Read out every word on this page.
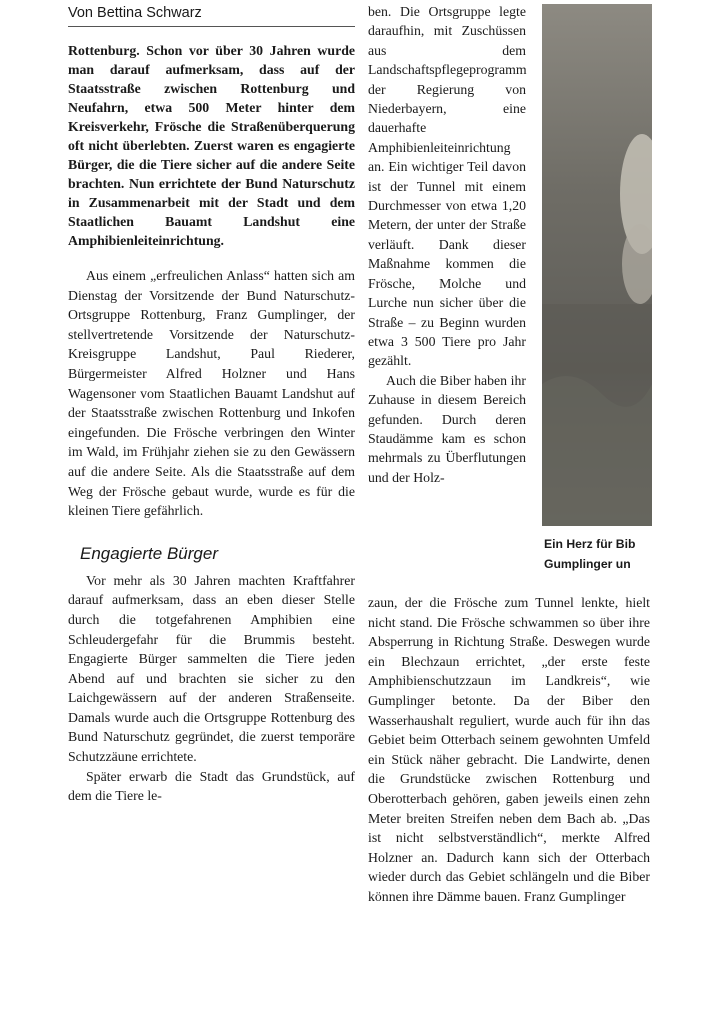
Von Bettina Schwarz

Rottenburg. Schon vor über 30 Jahren wurde man darauf aufmerksam, dass auf der Staatsstraße zwischen Rottenburg und Neufahrn, etwa 500 Meter hinter dem Kreisverkehr, Frösche die Straßenüberquerung oft nicht überlebten. Zuerst waren es engagierte Bürger, die die Tiere sicher auf die andere Seite brachten. Nun errichtete der Bund Naturschutz in Zusammenarbeit mit der Stadt und dem Staatlichen Bauamt Landshut eine Amphibienleiteinrichtung.

Aus einem „erfreulichen Anlass“ hatten sich am Dienstag der Vorsitzende der Bund Naturschutz-Ortsgruppe Rottenburg, Franz Gumplinger, der stellvertretende Vorsitzende der Naturschutz-Kreisgruppe Landshut, Paul Riederer, Bürgermeister Alfred Holzner und Hans Wagensoner vom Staatlichen Bauamt Landshut auf der Staatsstraße zwischen Rottenburg und Inkofen eingefunden. Die Frösche verbringen den Winter im Wald, im Frühjahr ziehen sie zu den Gewässern auf die andere Seite. Als die Staatsstraße auf dem Weg der Frösche gebaut wurde, wurde es für die kleinen Tiere gefährlich.

Engagierte Bürger

Vor mehr als 30 Jahren machten Kraftfahrer darauf aufmerksam, dass an eben dieser Stelle durch die totgefahrenen Amphibien eine Schleudergefahr für die Brummis besteht. Engagierte Bürger sammelten die Tiere jeden Abend auf und brachten sie sicher zu den Laichgewässern auf der anderen Straßenseite. Damals wurde auch die Ortsgruppe Rottenburg des Bund Naturschutz gegründet, die zuerst temporäre Schutzzäune errichtete.

Später erwarb die Stadt das Grundstück, auf dem die Tiere le-

ben. Die Ortsgruppe legte daraufhin, mit Zuschüssen aus dem Landschaftspflegeprogramm der Regierung von Niederbayern, eine dauerhafte Amphibienleiteinrichtung an. Ein wichtiger Teil davon ist der Tunnel mit einem Durchmesser von etwa 1,20 Metern, der unter der Straße verläuft. Dank dieser Maßnahme kommen die Frösche, Molche und Lurche nun sicher über die Straße – zu Beginn wurden etwa 3 500 Tiere pro Jahr gezählt.

Auch die Biber haben ihr Zuhause in diesem Bereich gefunden. Durch deren Staudämme kam es schon mehrmals zu Überflutungen und der Holz-

Ein Herz für Bib
Gumplinger un
zaun, der die Frösche zum Tunnel lenkte, hielt nicht stand. Die Frösche schwammen so über ihre Absperrung in Richtung Straße. Deswegen wurde ein Blechzaun errichtet, „der erste feste Amphibienschutzzaun im Landkreis“, wie Gumplinger betonte. Da der Biber den Wasserhaushalt reguliert, wurde auch für ihn das Gebiet beim Otterbach seinem gewohnten Umfeld ein Stück näher gebracht. Die Landwirte, denen die Grundstücke zwischen Rottenburg und Oberotterbach gehören, gaben jeweils einen zehn Meter breiten Streifen neben dem Bach ab. „Das ist nicht selbstverständlich“, merkte Alfred Holzner an. Dadurch kann sich der Otterbach wieder durch das Gebiet schlängeln und die Biber können ihre Dämme bauen. Franz Gumplinger
